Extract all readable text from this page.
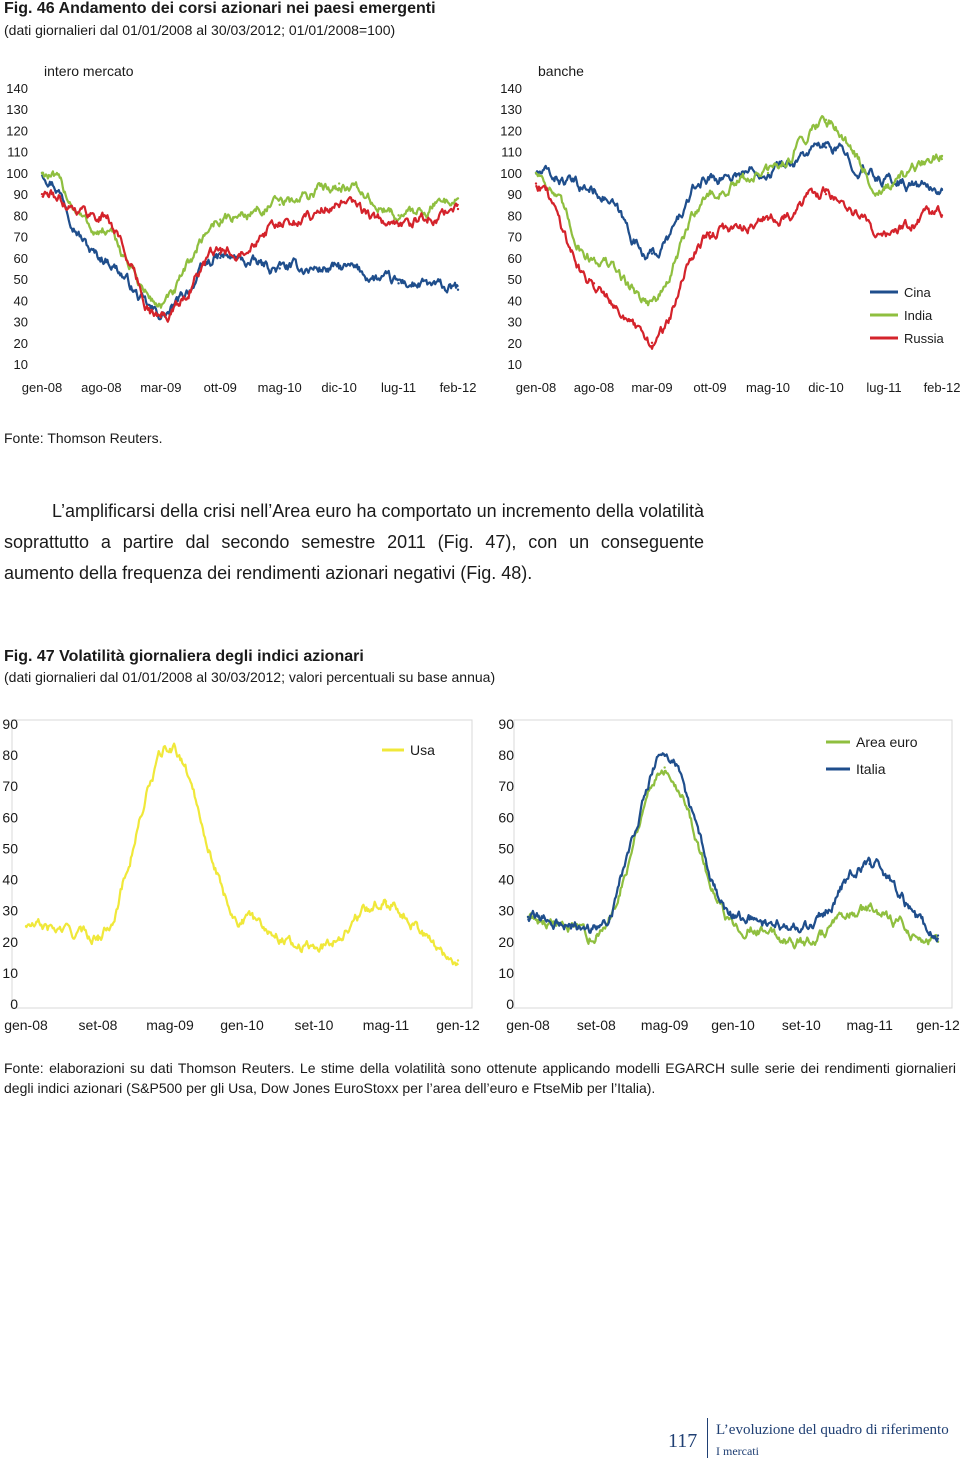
Fig. 46 Andamento dei corsi azionari nei paesi emergenti
(dati giornalieri dal 01/01/2008 al 30/03/2012; 01/01/2008=100)
intero mercato
10
20
30
40
50
60
70
80
90
100
110
120
130
140
gen-08 ago-08 mar-09 ott-09 mag-10 dic-10 lug-11 feb-12
banche
10
20
30
40
50
60
70
80
90
100
110
120
130
140
gen-08 ago-08 mar-09 ott-09 mag-10 dic-10 lug-11 feb-12
Cina
India
Russia
Fonte: Thomson Reuters.

L’amplificarsi della crisi nell’Area euro ha comportato un incremento della volatilità soprattutto a partire dal secondo semestre 2011 (Fig. 47), con un conseguente aumento della frequenza dei rendimenti azionari negativi (Fig. 48).

Fig. 47 Volatilità giornaliera degli indici azionari
(dati giornalieri dal 01/01/2008 al 30/03/2012; valori percentuali su base annua)
0
10
20
30
40
50
60
70
80
90
gen-08 set-08 mag-09 gen-10 set-10 mag-11 gen-12
Usa
0
10
20
30
40
50
60
70
80
90
gen-08 set-08 mag-09 gen-10 set-10 mag-11 gen-12
Area euro
Italia
Fonte: elaborazioni su dati Thomson Reuters. Le stime della volatilità sono ottenute applicando modelli EGARCH sulle serie dei rendimenti giornalieri degli indici azionari (S&P500 per gli Usa, Dow Jones EuroStoxx per l’area dell’euro e FtseMib per l’Italia).
117 L’evoluzione del quadro di riferimento
I mercati
